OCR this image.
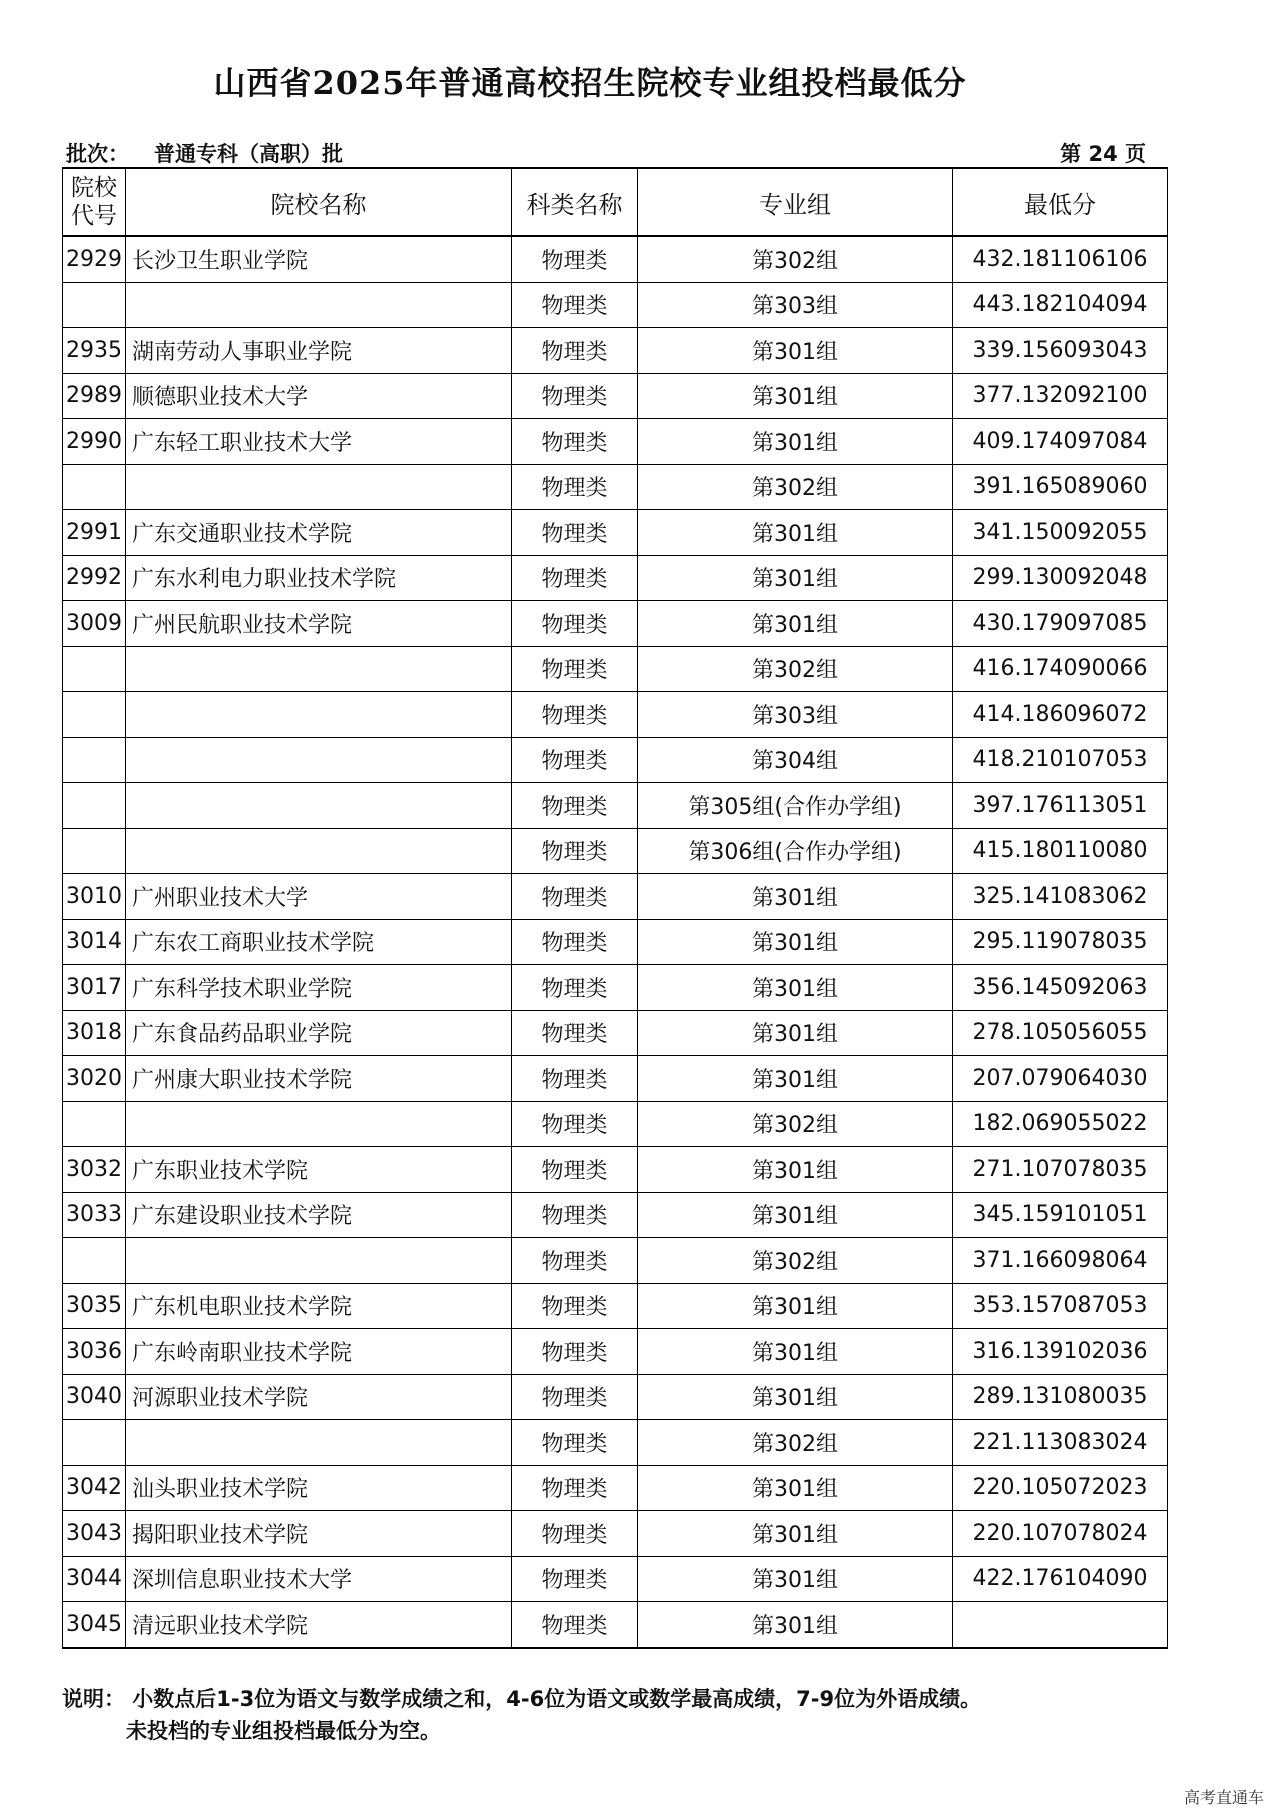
山西省2025年普通高校招生院校专业组投档最低分
批次： 普通专科（高职）批	第 24 页
院校代号	院校名称	科类名称	专业组	最低分
2929	长沙卫生职业学院	物理类	第302组	432.181106106
		物理类	第303组	443.182104094
2935	湖南劳动人事职业学院	物理类	第301组	339.156093043
2989	顺德职业技术大学	物理类	第301组	377.132092100
2990	广东轻工职业技术大学	物理类	第301组	409.174097084
		物理类	第302组	391.165089060
2991	广东交通职业技术学院	物理类	第301组	341.150092055
2992	广东水利电力职业技术学院	物理类	第301组	299.130092048
3009	广州民航职业技术学院	物理类	第301组	430.179097085
		物理类	第302组	416.174090066
		物理类	第303组	414.186096072
		物理类	第304组	418.210107053
		物理类	第305组(合作办学组)	397.176113051
		物理类	第306组(合作办学组)	415.180110080
3010	广州职业技术大学	物理类	第301组	325.141083062
3014	广东农工商职业技术学院	物理类	第301组	295.119078035
3017	广东科学技术职业学院	物理类	第301组	356.145092063
3018	广东食品药品职业学院	物理类	第301组	278.105056055
3020	广州康大职业技术学院	物理类	第301组	207.079064030
		物理类	第302组	182.069055022
3032	广东职业技术学院	物理类	第301组	271.107078035
3033	广东建设职业技术学院	物理类	第301组	345.159101051
		物理类	第302组	371.166098064
3035	广东机电职业技术学院	物理类	第301组	353.157087053
3036	广东岭南职业技术学院	物理类	第301组	316.139102036
3040	河源职业技术学院	物理类	第301组	289.131080035
		物理类	第302组	221.113083024
3042	汕头职业技术学院	物理类	第301组	220.105072023
3043	揭阳职业技术学院	物理类	第301组	220.107078024
3044	深圳信息职业技术大学	物理类	第301组	422.176104090
3045	清远职业技术学院	物理类	第301组	
说明： 小数点后1-3位为语文与数学成绩之和，4-6位为语文或数学最高成绩，7-9位为外语成绩。
未投档的专业组投档最低分为空。
高考直通车
